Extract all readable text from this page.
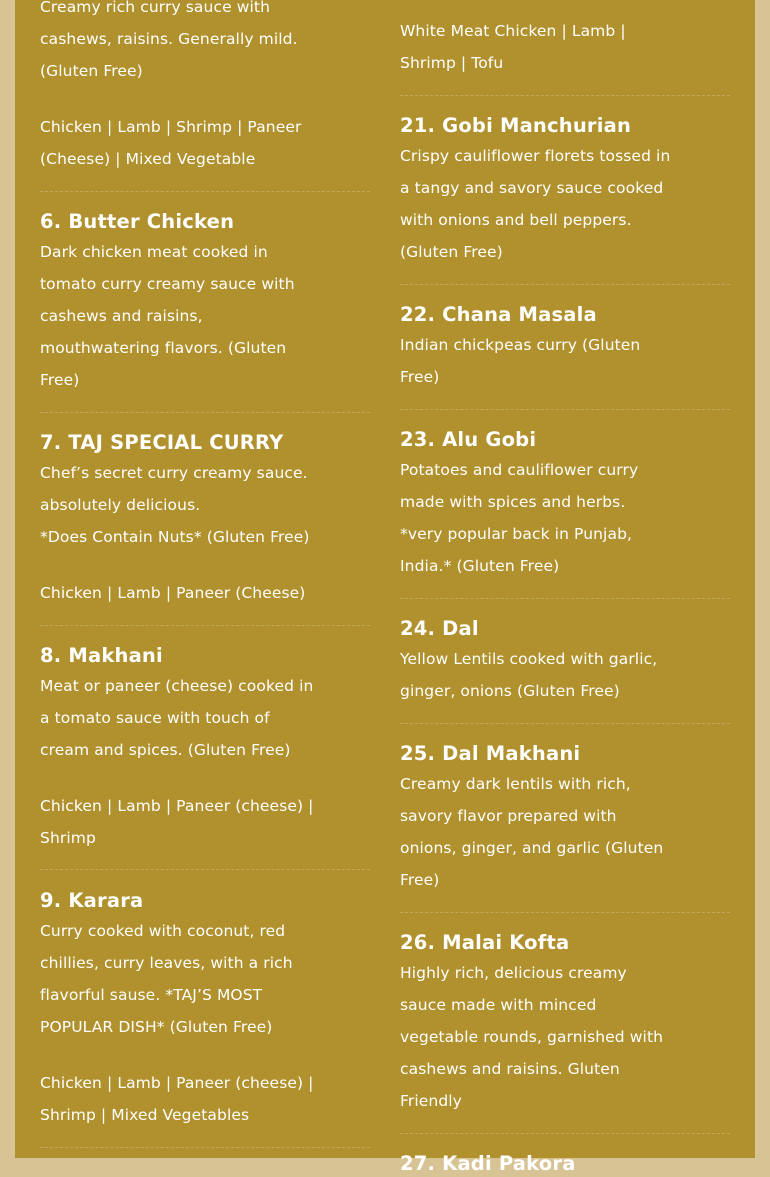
Creamy rich curry sauce with
cashews, raisins. Generally mild.
(Gluten Free)

Chicken | Lamb | Shrimp | Paneer
(Cheese) | Mixed Vegetable

6. Butter Chicken

Dark chicken meat cooked in
tomato curry creamy sauce with
cashews and raisins,
mouthwatering flavors. (Gluten
Free)

7. TAJ SPECIAL CURRY

Chef’s secret curry creamy sauce.
absolutely delicious.
*Does Contain Nuts* (Gluten Free)

Chicken | Lamb | Paneer (Cheese)

8. Makhani

Meat or paneer (cheese) cooked in
a tomato sauce with touch of
cream and spices. (Gluten Free)

Chicken | Lamb | Paneer (cheese) |
Shrimp

9. Karara

Curry cooked with coconut, red
chillies, curry leaves, with a rich
flavorful sause. *TAJ’S MOST
POPULAR DISH* (Gluten Free)

Chicken | Lamb | Paneer (cheese) |
Shrimp | Mixed Vegetables

White Meat Chicken | Lamb |
Shrimp | Tofu

21. Gobi Manchurian

Crispy cauliflower florets tossed in
a tangy and savory sauce cooked
with onions and bell peppers.
(Gluten Free)

22. Chana Masala

Indian chickpeas curry (Gluten
Free)

23. Alu Gobi

Potatoes and cauliflower curry
made with spices and herbs.
*very popular back in Punjab,
India.* (Gluten Free)

24. Dal

Yellow Lentils cooked with garlic,
ginger, onions (Gluten Free)

25. Dal Makhani

Creamy dark lentils with rich,
savory flavor prepared with
onions, ginger, and garlic (Gluten
Free)

26. Malai Kofta

Highly rich, delicious creamy
sauce made with minced
vegetable rounds, garnished with
cashews and raisins. Gluten
Friendly

27. Kadi Pakora
